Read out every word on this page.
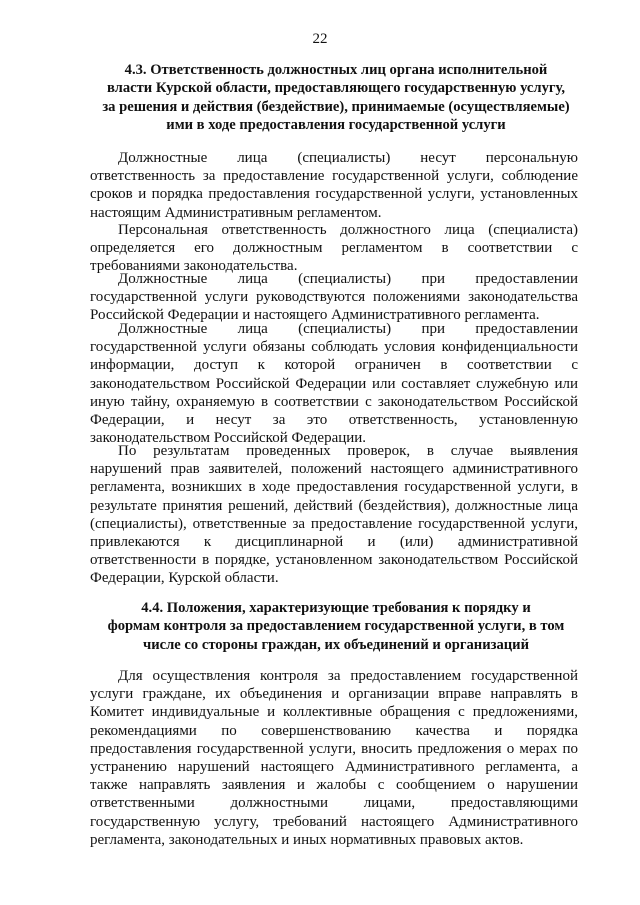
22
4.3. Ответственность должностных лиц органа исполнительной
власти Курской области, предоставляющего государственную услугу,
за решения и действия (бездействие), принимаемые (осуществляемые)
ими в ходе предоставления государственной услуги
Должностные лица (специалисты) несут персональную
ответственность за предоставление государственной услуги, соблюдение
сроков и порядка предоставления государственной услуги, установленных
настоящим Административным регламентом.
Персональная ответственность должностного лица (специалиста)
определяется его должностным регламентом в соответствии с
требованиями законодательства.
Должностные лица (специалисты) при предоставлении
государственной услуги руководствуются положениями законодательства
Российской Федерации и настоящего Административного регламента.
Должностные лица (специалисты) при предоставлении
государственной услуги обязаны соблюдать условия конфиденциальности
информации, доступ к которой ограничен в соответствии с
законодательством Российской Федерации или составляет служебную или
иную тайну, охраняемую в соответствии с законодательством Российской
Федерации, и несут за это ответственность, установленную
законодательством Российской Федерации.
По результатам проведенных проверок, в случае выявления
нарушений прав заявителей, положений настоящего административного
регламента, возникших в ходе предоставления государственной услуги, в
результате принятия решений, действий (бездействия), должностные лица
(специалисты), ответственные за предоставление государственной услуги,
привлекаются к дисциплинарной и (или) административной
ответственности в порядке, установленном законодательством Российской
Федерации, Курской области.
4.4. Положения, характеризующие требования к порядку и
формам контроля за предоставлением государственной услуги, в том
числе со стороны граждан, их объединений и организаций
Для осуществления контроля за предоставлением государственной
услуги граждане, их объединения и организации вправе направлять в
Комитет индивидуальные и коллективные обращения с предложениями,
рекомендациями по совершенствованию качества и порядка
предоставления государственной услуги, вносить предложения о мерах по
устранению нарушений настоящего Административного регламента, а
также направлять заявления и жалобы с сообщением о нарушении
ответственными должностными лицами, предоставляющими
государственную услугу, требований настоящего Административного
регламента, законодательных и иных нормативных правовых актов.
